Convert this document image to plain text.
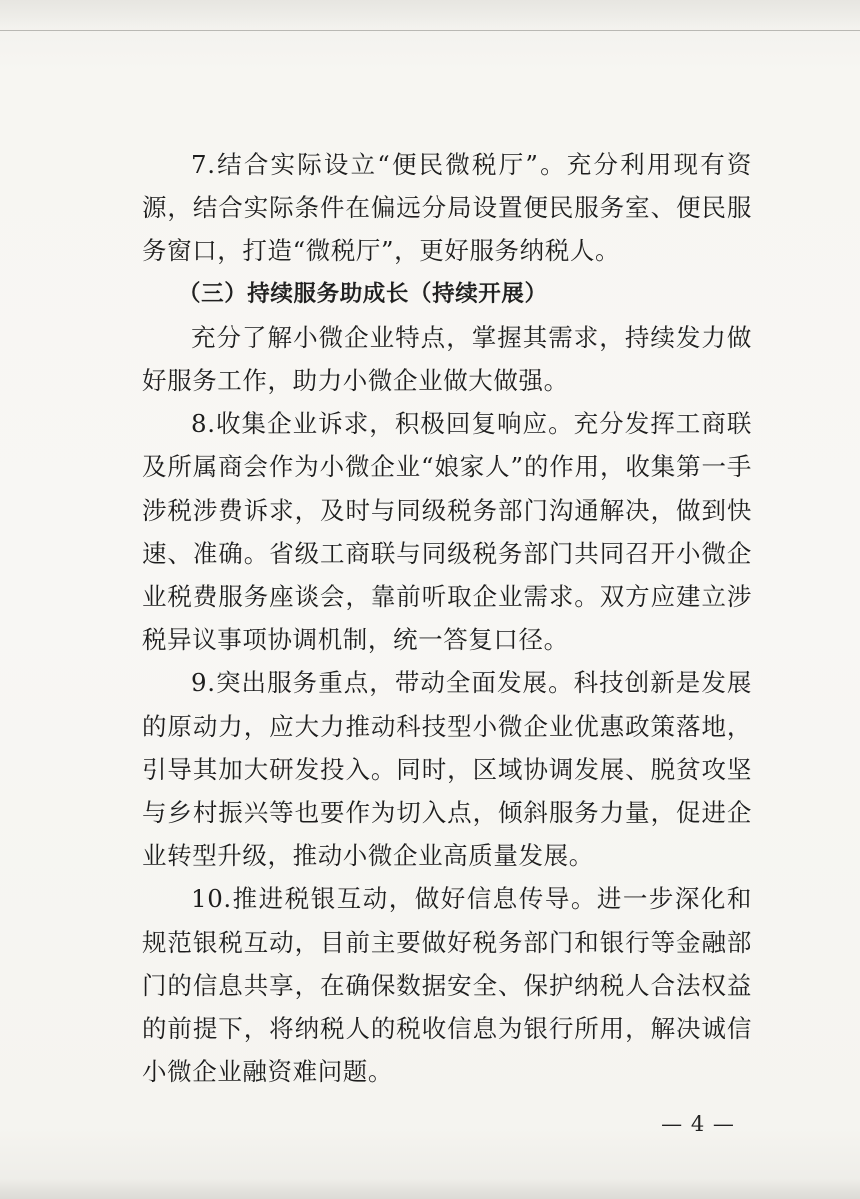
7.结合实际设立“便民微税厅”。充分利用现有资源，结合实际条件在偏远分局设置便民服务室、便民服务窗口，打造“微税厅”，更好服务纳税人。

（三）持续服务助成长（持续开展）

充分了解小微企业特点，掌握其需求，持续发力做好服务工作，助力小微企业做大做强。

8.收集企业诉求，积极回复响应。充分发挥工商联及所属商会作为小微企业“娘家人”的作用，收集第一手涉税涉费诉求，及时与同级税务部门沟通解决，做到快速、准确。省级工商联与同级税务部门共同召开小微企业税费服务座谈会，靠前听取企业需求。双方应建立涉税异议事项协调机制，统一答复口径。

9.突出服务重点，带动全面发展。科技创新是发展的原动力，应大力推动科技型小微企业优惠政策落地，引导其加大研发投入。同时，区域协调发展、脱贫攻坚与乡村振兴等也要作为切入点，倾斜服务力量，促进企业转型升级，推动小微企业高质量发展。

10.推进税银互动，做好信息传导。进一步深化和规范银税互动，目前主要做好税务部门和银行等金融部门的信息共享，在确保数据安全、保护纳税人合法权益的前提下，将纳税人的税收信息为银行所用，解决诚信小微企业融资难问题。

— 4 —
